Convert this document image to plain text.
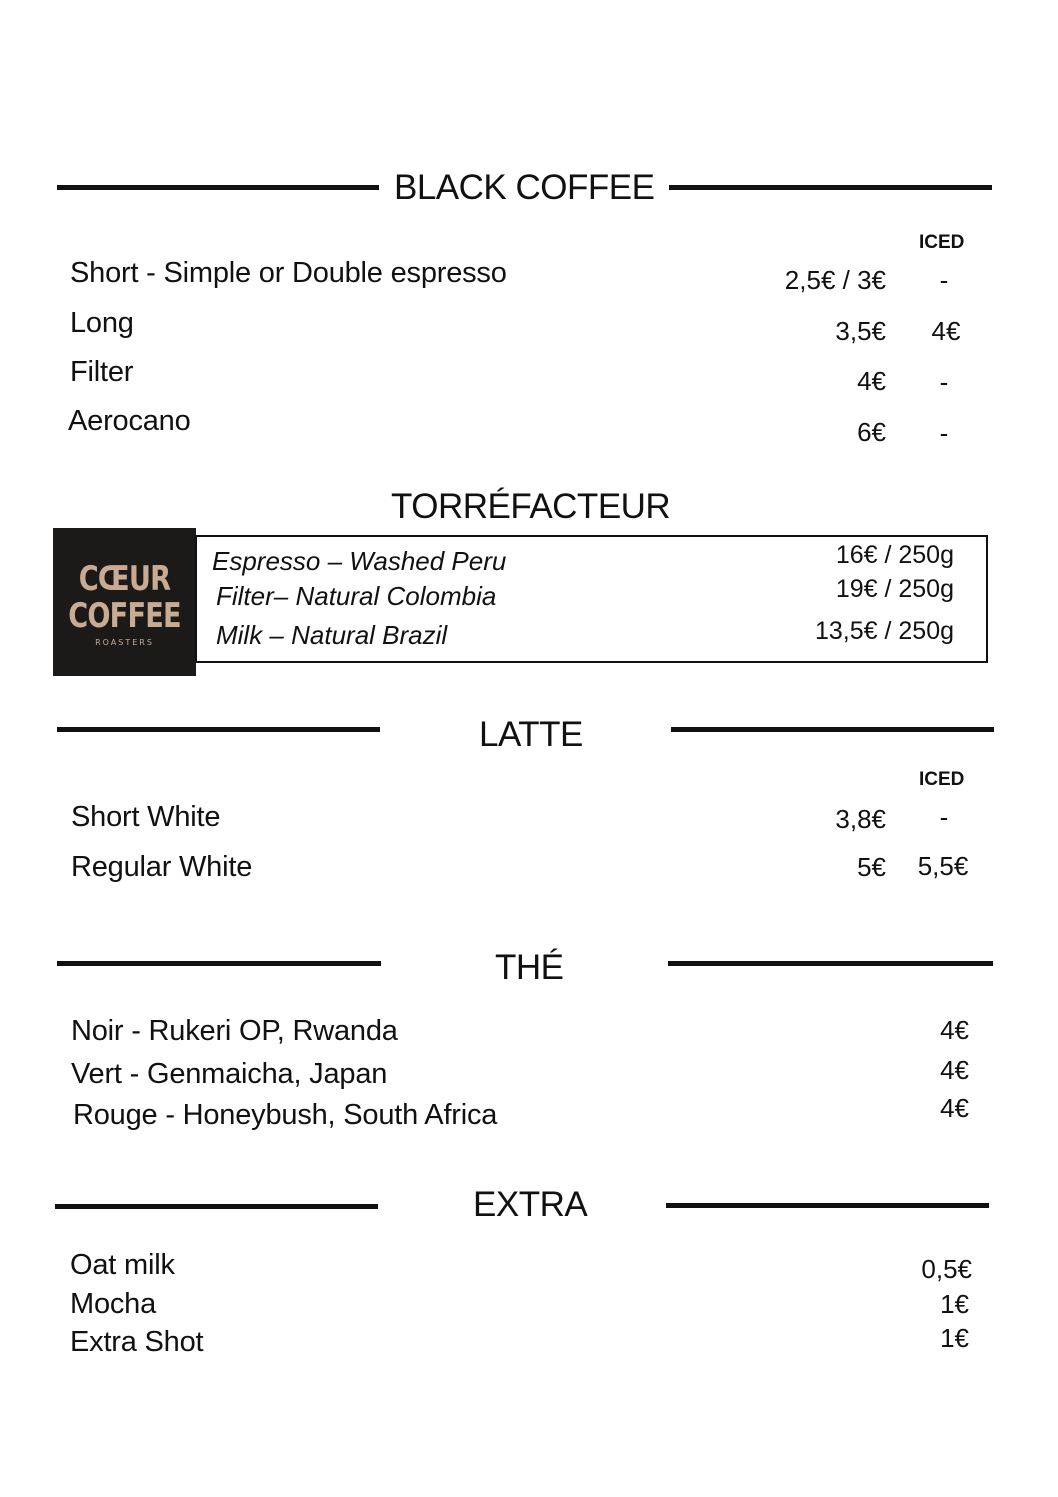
BLACK COFFEE
ICED
Short - Simple or Double espresso	2,5€ / 3€	-
Long	3,5€	4€
Filter	4€	-
Aerocano	6€	-
TORRÉFACTEUR
CŒUR
COFFEE
ROASTERS
Espresso – Washed Peru	16€ / 250g
Filter– Natural Colombia	19€ / 250g
Milk – Natural Brazil	13,5€ / 250g
LATTE
ICED
Short White	3,8€	-
Regular White	5€ 5,5€
THÉ
Noir - Rukeri OP, Rwanda	4€
Vert - Genmaicha, Japan	4€
Rouge - Honeybush, South Africa	4€
EXTRA
Oat milk	0,5€
Mocha	1€
Extra Shot	1€
